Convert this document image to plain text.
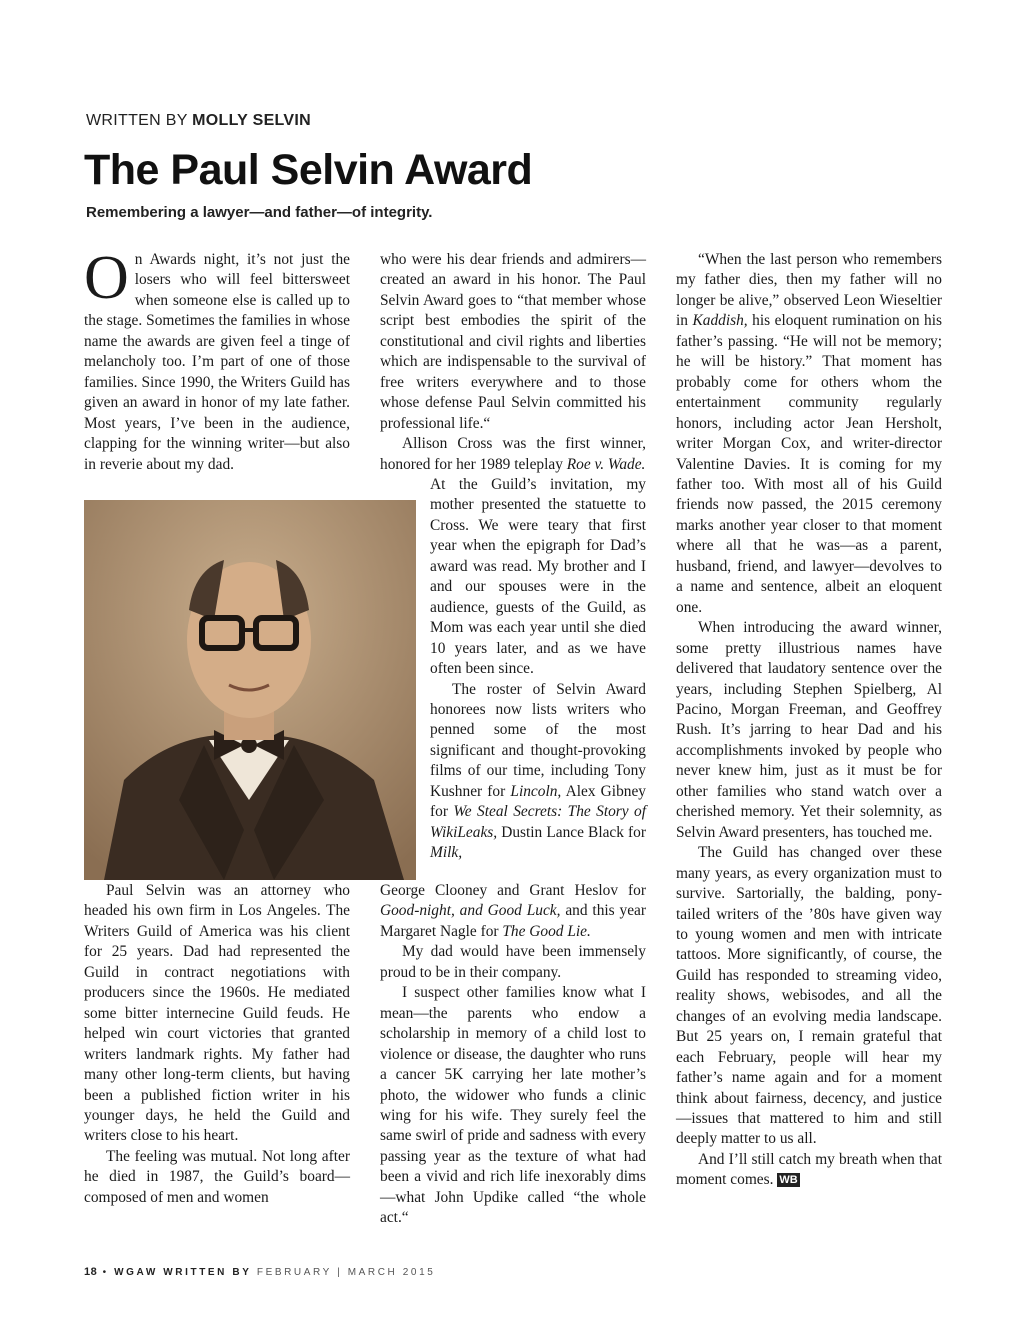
WRITTEN BY MOLLY SELVIN
The Paul Selvin Award
Remembering a lawyer—and father—of integrity.

On Awards night, it’s not just the losers who will feel bittersweet when someone else is called up to the stage. Sometimes the families in whose name the awards are given feel a tinge of melancholy too. I’m part of one of those families. Since 1990, the Writers Guild has given an award in honor of my late father. Most years, I’ve been in the audience, clapping for the winning writer—but also in reverie about my dad.

Paul Selvin was an attorney who headed his own firm in Los Angeles. The Writers Guild of America was his client for 25 years. Dad had represented the Guild in contract negotiations with producers since the 1960s. He mediated some bitter internecine Guild feuds. He helped win court victories that granted writers landmark rights. My father had many other long-term clients, but having been a published fiction writer in his younger days, he held the Guild and writers close to his heart.

The feeling was mutual. Not long after he died in 1987, the Guild’s board—composed of men and women

who were his dear friends and admirers—created an award in his honor. The Paul Selvin Award goes to “that member whose script best embodies the spirit of the constitutional and civil rights and liberties which are indispensable to the survival of free writers everywhere and to those whose defense Paul Selvin committed his professional life.“

Allison Cross was the first winner, honored for her 1989 teleplay Roe v. Wade.

At the Guild’s invitation, my mother presented the statuette to Cross. We were teary that first year when the epigraph for Dad’s award was read. My brother and I and our spouses were in the audience, guests of the Guild, as Mom was each year until she died 10 years later, and as we have often been since.

The roster of Selvin Award honorees now lists writers who penned some of the most significant and thought-provoking films of our time, including Tony Kushner for Lincoln, Alex Gibney for We Steal Secrets: The Story of WikiLeaks, Dustin Lance Black for Milk,

George Clooney and Grant Heslov for Good-night, and Good Luck, and this year Margaret Nagle for The Good Lie.

My dad would have been immensely proud to be in their company.

I suspect other families know what I mean—the parents who endow a scholarship in memory of a child lost to violence or disease, the daughter who runs a cancer 5K carrying her late mother’s photo, the widower who funds a clinic wing for his wife. They surely feel the same swirl of pride and sadness with every passing year as the texture of what had been a vivid and rich life inexorably dims—what John Updike called “the whole act.“

“When the last person who remembers my father dies, then my father will no longer be alive,” observed Leon Wieseltier in Kaddish, his eloquent rumination on his father’s passing. “He will not be memory; he will be history.” That moment has probably come for others whom the entertainment community regularly honors, including actor Jean Hersholt, writer Morgan Cox, and writer-director Valentine Davies. It is coming for my father too. With most all of his Guild friends now passed, the 2015 ceremony marks another year closer to that moment where all that he was—as a parent, husband, friend, and lawyer—devolves to a name and sentence, albeit an eloquent one.

When introducing the award winner, some pretty illustrious names have delivered that laudatory sentence over the years, including Stephen Spielberg, Al Pacino, Morgan Freeman, and Geoffrey Rush. It’s jarring to hear Dad and his accomplishments invoked by people who never knew him, just as it must be for other families who stand watch over a cherished memory. Yet their solemnity, as Selvin Award presenters, has touched me.

The Guild has changed over these many years, as every organization must to survive. Sartorially, the balding, pony-tailed writers of the ’80s have given way to young women and men with intricate tattoos. More significantly, of course, the Guild has responded to streaming video, reality shows, webisodes, and all the changes of an evolving media landscape. But 25 years on, I remain grateful that each February, people will hear my father’s name again and for a moment think about fairness, decency, and justice—issues that mattered to him and still deeply matter to us all.

And I’ll still catch my breath when that moment comes. WB

18 • WGAW WRITTEN BY FEBRUARY | MARCH 2015
